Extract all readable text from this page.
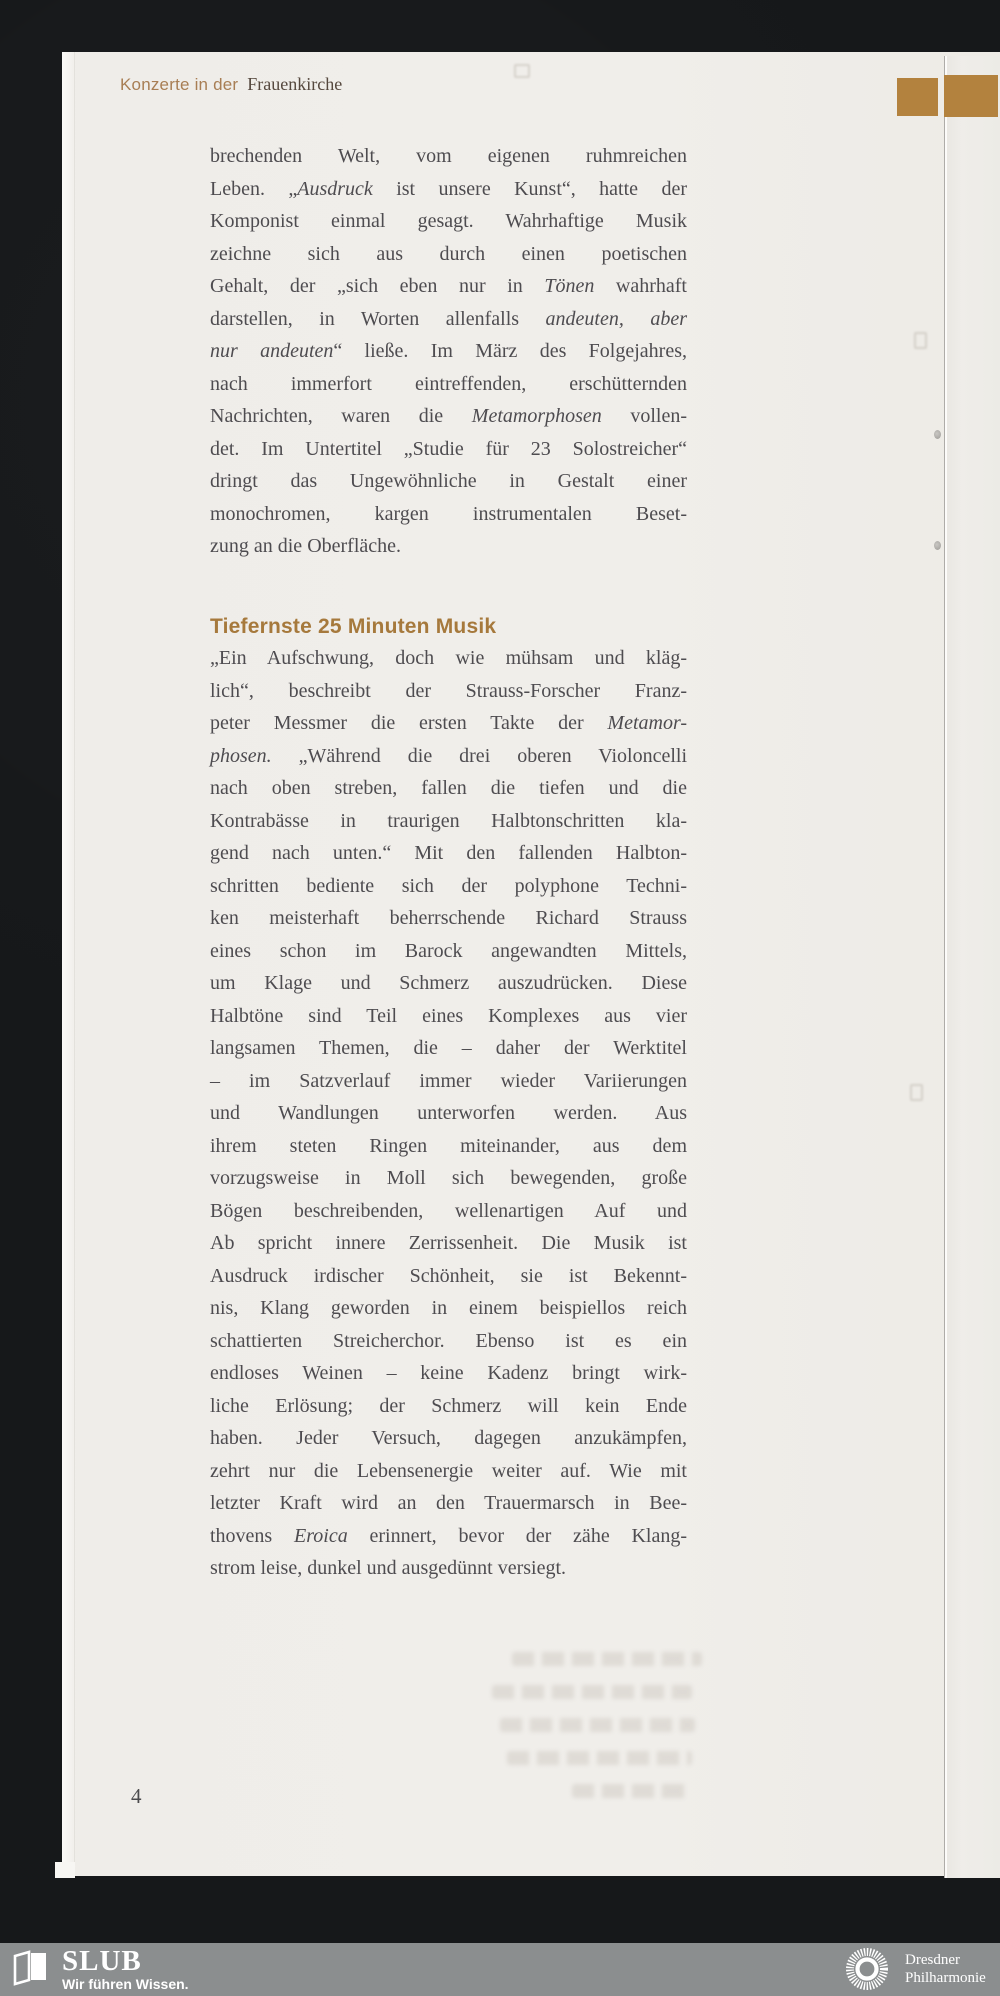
Konzerte in der Frauenkirche
brechenden Welt, vom eigenen ruhmreichen
Leben. „Ausdruck ist unsere Kunst“, hatte der
Komponist einmal gesagt. Wahrhaftige Musik
zeichne sich aus durch einen poetischen
Gehalt, der „sich eben nur in Tönen wahrhaft
darstellen, in Worten allenfalls andeuten, aber
nur andeuten“ ließe. Im März des Folgejahres,
nach immerfort eintreffenden, erschütternden
Nachrichten, waren die Metamorphosen vollen-
det. Im Untertitel „Studie für 23 Solostreicher“
dringt das Ungewöhnliche in Gestalt einer
monochromen, kargen instrumentalen Beset-
zung an die Oberfläche.
Tiefernste 25 Minuten Musik
„Ein Aufschwung, doch wie mühsam und kläg-
lich“, beschreibt der Strauss-Forscher Franz-
peter Messmer die ersten Takte der Metamor-
phosen. „Während die drei oberen Violoncelli
nach oben streben, fallen die tiefen und die
Kontrabässe in traurigen Halbtonschritten kla-
gend nach unten.“ Mit den fallenden Halbton-
schritten bediente sich der polyphone Techni-
ken meisterhaft beherrschende Richard Strauss
eines schon im Barock angewandten Mittels,
um Klage und Schmerz auszudrücken. Diese
Halbtöne sind Teil eines Komplexes aus vier
langsamen Themen, die – daher der Werktitel
– im Satzverlauf immer wieder Variierungen
und Wandlungen unterworfen werden. Aus
ihrem steten Ringen miteinander, aus dem
vorzugsweise in Moll sich bewegenden, große
Bögen beschreibenden, wellenartigen Auf und
Ab spricht innere Zerrissenheit. Die Musik ist
Ausdruck irdischer Schönheit, sie ist Bekennt-
nis, Klang geworden in einem beispiellos reich
schattierten Streicherchor. Ebenso ist es ein
endloses Weinen – keine Kadenz bringt wirk-
liche Erlösung; der Schmerz will kein Ende
haben. Jeder Versuch, dagegen anzukämpfen,
zehrt nur die Lebensenergie weiter auf. Wie mit
letzter Kraft wird an den Trauermarsch in Bee-
thovens Eroica erinnert, bevor der zähe Klang-
strom leise, dunkel und ausgedünnt versiegt.
4
SLUB
Wir führen Wissen.
Dresdner
Philharmonie
